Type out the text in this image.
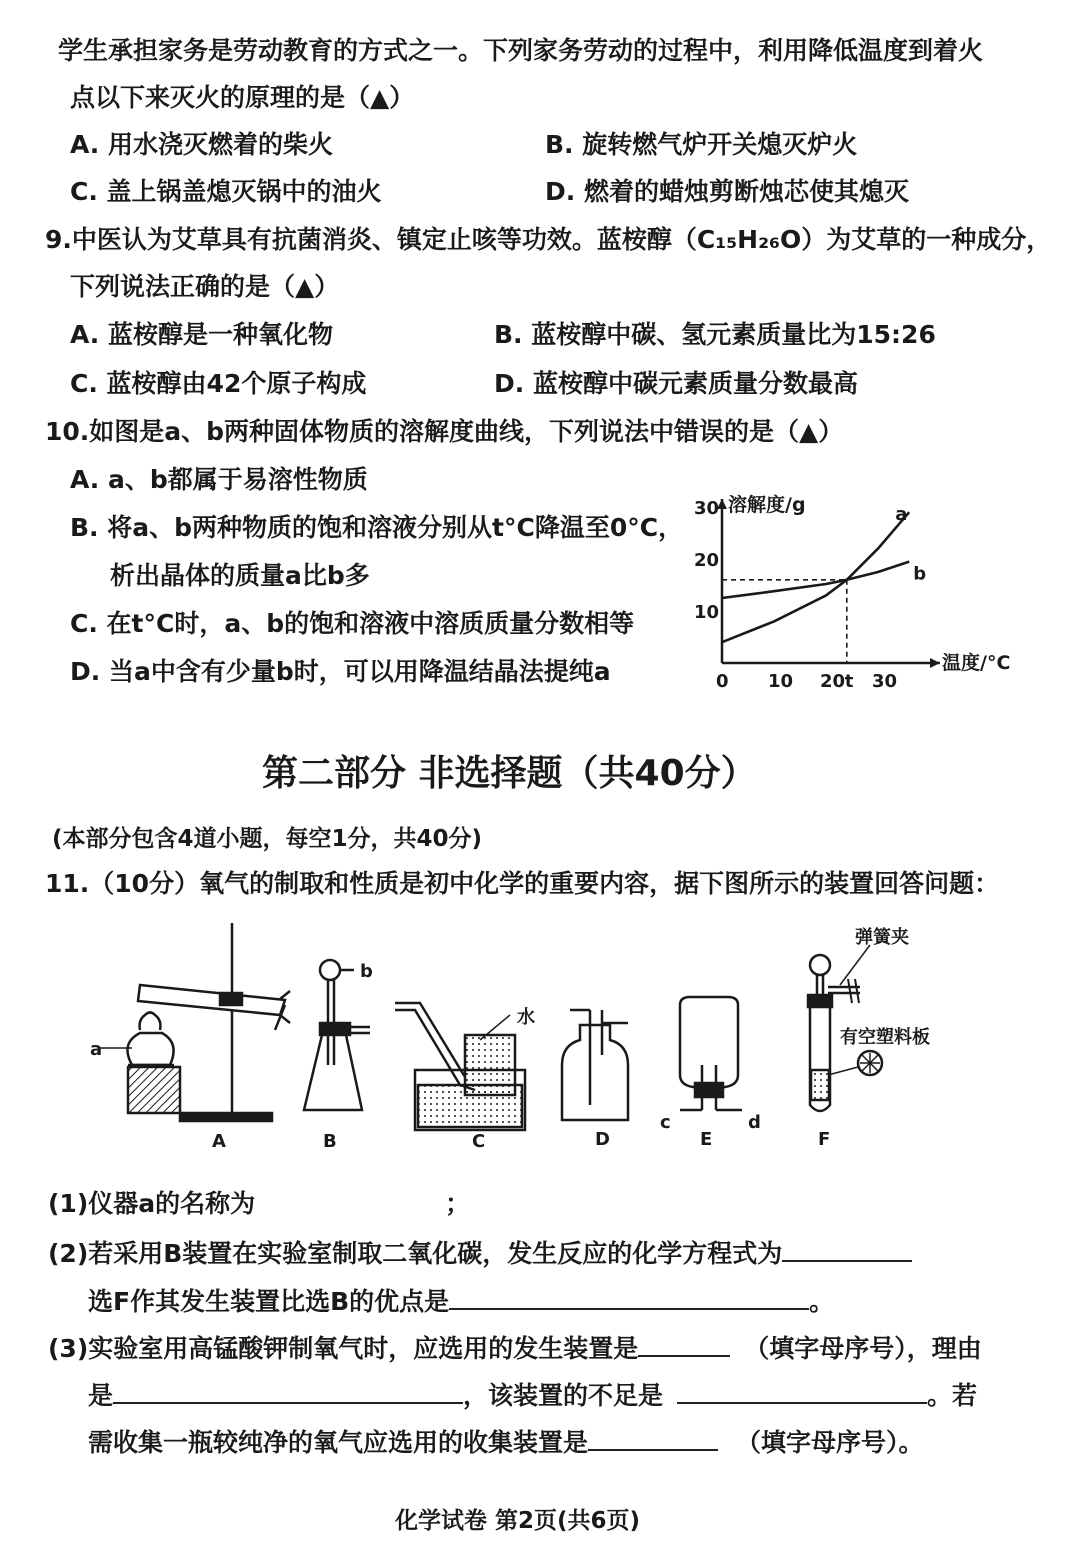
学生承担家务是劳动教育的方式之一。下列家务劳动的过程中，利用降低温度到着火
点以下来灭火的原理的是（▲）
A. 用水浇灭燃着的柴火	B. 旋转燃气炉开关熄灭炉火
C. 盖上锅盖熄灭锅中的油火	D. 燃着的蜡烛剪断烛芯使其熄灭
9.中医认为艾草具有抗菌消炎、镇定止咳等功效。蓝桉醇（C₁₅H₂₆O）为艾草的一种成分，
下列说法正确的是（▲）
A. 蓝桉醇是一种氧化物	B. 蓝桉醇中碳、氢元素质量比为15:26
C. 蓝桉醇由42个原子构成	D. 蓝桉醇中碳元素质量分数最高
10.如图是a、b两种固体物质的溶解度曲线，下列说法中错误的是（▲）
A. a、b都属于易溶性物质
B. 将a、b两种物质的饱和溶液分别从t°C降温至0°C，
析出晶体的质量a比b多
C. 在t°C时，a、b的饱和溶液中溶质质量分数相等
D. 当a中含有少量b时，可以用降温结晶法提纯a	0 10 20 t 30
10
20
30 溶解度/g
温度/°C
a
b
第二部分 非选择题（共40分）
(本部分包含4道小题，每空1分，共40分)
11.（10分）氧气的制取和性质是初中化学的重要内容，据下图所示的装置回答问题：
A	B	C	D	E	F
a
b
c	d
水
弹簧夹
有空塑料板
(1)仪器a的名称为	；
(2)若采用B装置在实验室制取二氧化碳，发生反应的化学方程式为
选F作其发生装置比选B的优点是	。
(3)实验室用高锰酸钾制氧气时，应选用的发生装置是	（填字母序号），理由
是	，该装置的不足是	。若
需收集一瓶较纯净的氧气应选用的收集装置是	（填字母序号）。
化学试卷 第2页(共6页)
